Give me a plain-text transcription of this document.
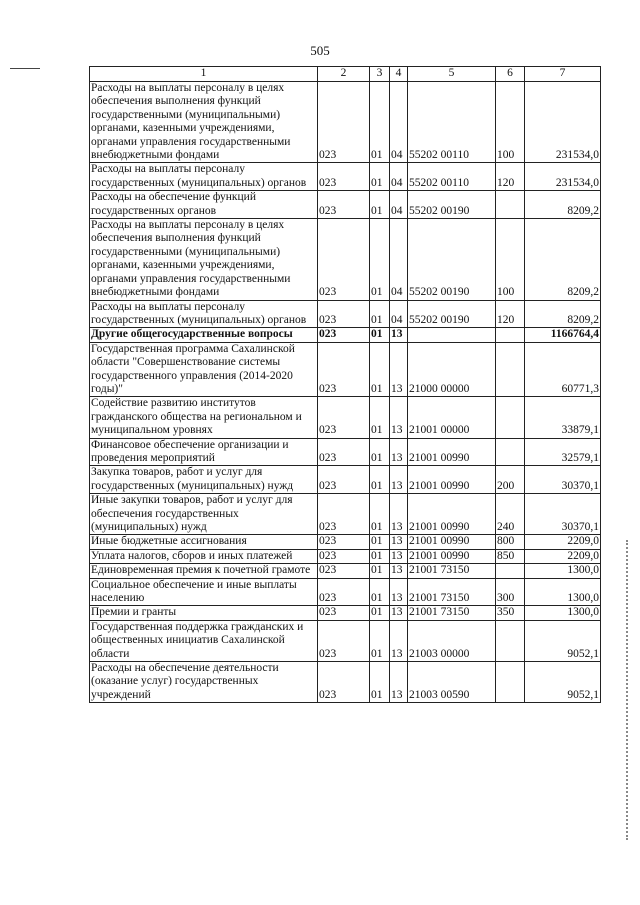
505
1	2	3	4	5	6	7
Расходы на выплаты персоналу в целях обеспечения выполнения функций государственными (муниципальными) органами, казенными учреждениями, органами управления государственными внебюджетными фондами	023	01	04	55202 00110	100	231534,0
Расходы на выплаты персоналу государственных (муниципальных) органов	023	01	04	55202 00110	120	231534,0
Расходы на обеспечение функций государственных органов	023	01	04	55202 00190		8209,2
Расходы на выплаты персоналу в целях обеспечения выполнения функций государственными (муниципальными) органами, казенными учреждениями, органами управления государственными внебюджетными фондами	023	01	04	55202 00190	100	8209,2
Расходы на выплаты персоналу государственных (муниципальных) органов	023	01	04	55202 00190	120	8209,2
Другие общегосударственные вопросы	023	01	13			1166764,4
Государственная программа Сахалинской области "Совершенствование системы государственного управления (2014-2020 годы)"	023	01	13	21000 00000		60771,3
Содействие развитию институтов гражданского общества на региональном и муниципальном уровнях	023	01	13	21001 00000		33879,1
Финансовое обеспечение организации и проведения мероприятий	023	01	13	21001 00990		32579,1
Закупка товаров, работ и услуг для государственных (муниципальных) нужд	023	01	13	21001 00990	200	30370,1
Иные закупки товаров, работ и услуг для обеспечения государственных (муниципальных) нужд	023	01	13	21001 00990	240	30370,1
Иные бюджетные ассигнования	023	01	13	21001 00990	800	2209,0
Уплата налогов, сборов и иных платежей	023	01	13	21001 00990	850	2209,0
Единовременная премия к почетной грамоте	023	01	13	21001 73150		1300,0
Социальное обеспечение и иные выплаты населению	023	01	13	21001 73150	300	1300,0
Премии и гранты	023	01	13	21001 73150	350	1300,0
Государственная поддержка гражданских и общественных инициатив Сахалинской области	023	01	13	21003 00000		9052,1
Расходы на обеспечение деятельности (оказание услуг) государственных учреждений	023	01	13	21003 00590		9052,1
